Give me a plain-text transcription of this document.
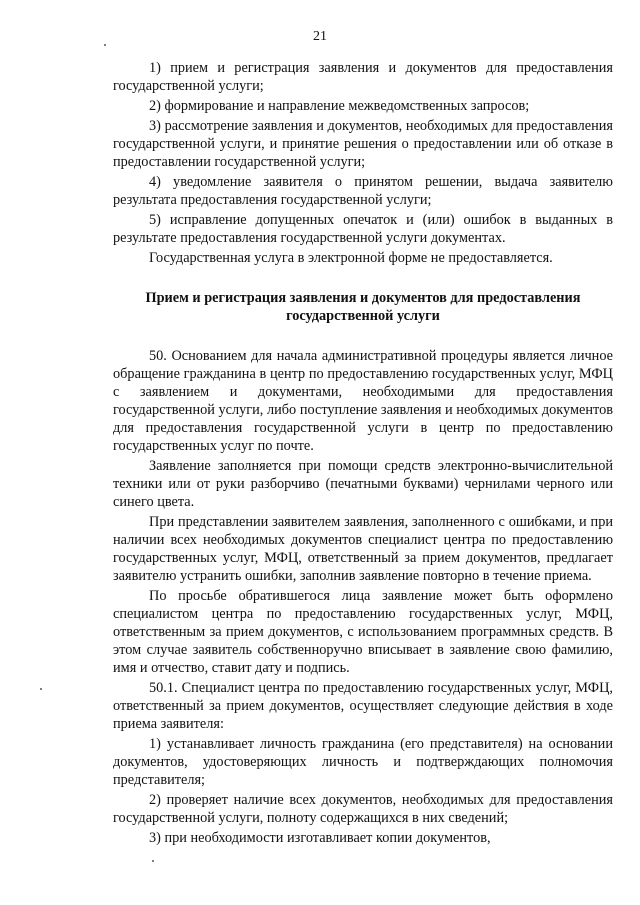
21

1) прием и регистрация заявления и документов для предоставления государственной услуги;

2) формирование и направление межведомственных запросов;

3) рассмотрение заявления и документов, необходимых для предоставления государственной услуги, и принятие решения о предоставлении или об отказе в предоставлении государственной услуги;

4) уведомление заявителя о принятом решении, выдача заявителю результата предоставления государственной услуги;

5) исправление допущенных опечаток и (или) ошибок в выданных в результате предоставления государственной услуги документах.

Государственная услуга в электронной форме не предоставляется.

Прием и регистрация заявления и документов для предоставления государственной услуги

50. Основанием для начала административной процедуры является личное обращение гражданина в центр по предоставлению государственных услуг, МФЦ с заявлением и документами, необходимыми для предоставления государственной услуги, либо поступление заявления и необходимых документов для предоставления государственной услуги в центр по предоставлению государственных услуг по почте.

Заявление заполняется при помощи средств электронно-вычислительной техники или от руки разборчиво (печатными буквами) чернилами черного или синего цвета.

При представлении заявителем заявления, заполненного с ошибками, и при наличии всех необходимых документов специалист центра по предоставлению государственных услуг, МФЦ, ответственный за прием документов, предлагает заявителю устранить ошибки, заполнив заявление повторно в течение приема.

По просьбе обратившегося лица заявление может быть оформлено специалистом центра по предоставлению государственных услуг, МФЦ, ответственным за прием документов, с использованием программных средств. В этом случае заявитель собственноручно вписывает в заявление свою фамилию, имя и отчество, ставит дату и подпись.

50.1. Специалист центра по предоставлению государственных услуг, МФЦ, ответственный за прием документов, осуществляет следующие действия в ходе приема заявителя:

1) устанавливает личность гражданина (его представителя) на основании документов, удостоверяющих личность и подтверждающих полномочия представителя;

2) проверяет наличие всех документов, необходимых для предоставления государственной услуги, полноту содержащихся в них сведений;

3) при необходимости изготавливает копии документов,
